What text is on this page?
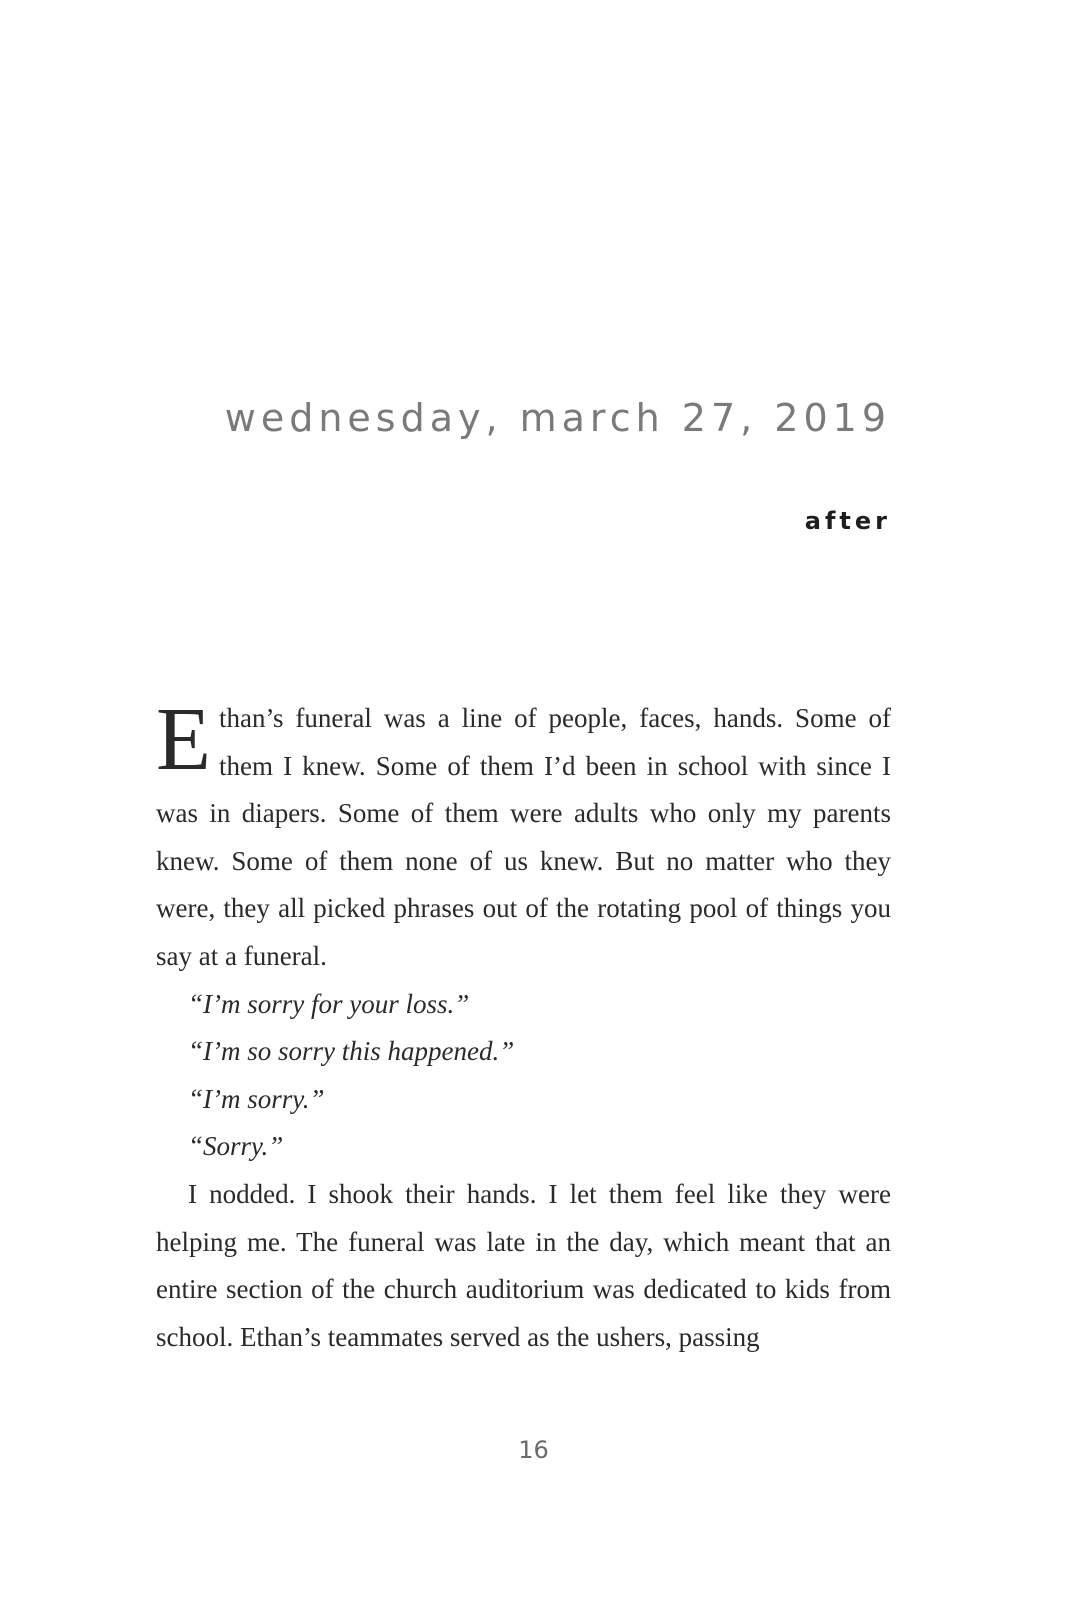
wednesday, march 27, 2019
after

Ethan’s funeral was a line of people, faces, hands. Some of them I knew. Some of them I’d been in school with since I was in diapers. Some of them were adults who only my parents knew. Some of them none of us knew. But no matter who they were, they all picked phrases out of the rotating pool of things you say at a funeral.

“I’m sorry for your loss.”

“I’m so sorry this happened.”

“I’m sorry.”

“Sorry.”

I nodded. I shook their hands. I let them feel like they were helping me. The funeral was late in the day, which meant that an entire section of the church auditorium was dedicated to kids from school. Ethan’s teammates served as the ushers, passing

16
